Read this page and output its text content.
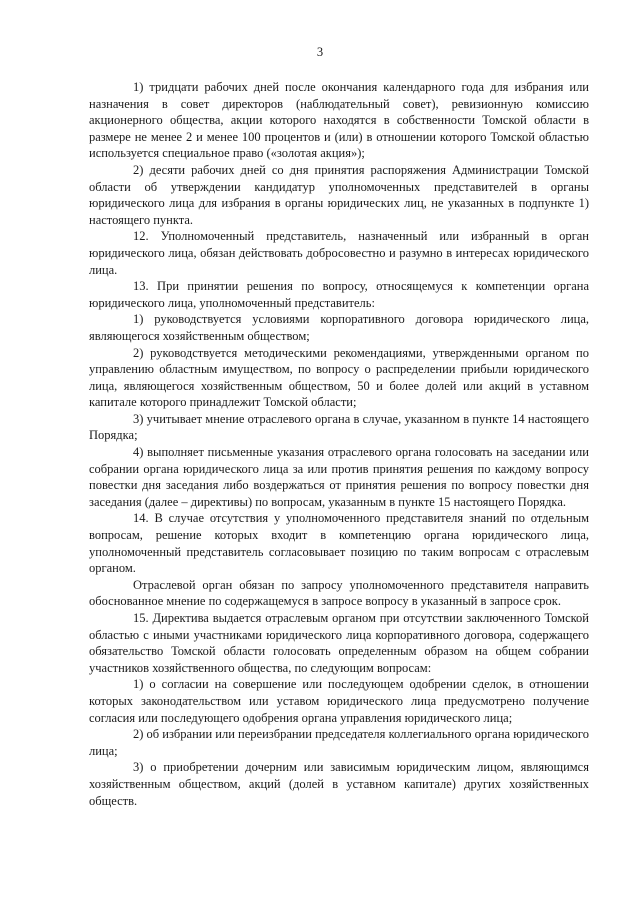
3

1) тридцати рабочих дней после окончания календарного года для избрания или назначения в совет директоров (наблюдательный совет), ревизионную комиссию акционерного общества, акции которого находятся в собственности Томской области в размере не менее 2 и менее 100 процентов и (или) в отношении которого Томской областью используется специальное право («золотая акция»);

2) десяти рабочих дней со дня принятия распоряжения Администрации Томской области об утверждении кандидатур уполномоченных представителей в органы юридического лица для избрания в органы юридических лиц, не указанных в подпункте 1) настоящего пункта.

12. Уполномоченный представитель, назначенный или избранный в орган юридического лица, обязан действовать добросовестно и разумно в интересах юридического лица.

13. При принятии решения по вопросу, относящемуся к компетенции органа юридического лица, уполномоченный представитель:

1) руководствуется условиями корпоративного договора юридического лица, являющегося хозяйственным обществом;

2) руководствуется методическими рекомендациями, утвержденными органом по управлению областным имуществом, по вопросу о распределении прибыли юридического лица, являющегося хозяйственным обществом, 50 и более долей или акций в уставном капитале которого принадлежит Томской области;

3) учитывает мнение отраслевого органа в случае, указанном в пункте 14 настоящего Порядка;

4) выполняет письменные указания отраслевого органа голосовать на заседании или собрании органа юридического лица за или против принятия решения по каждому вопросу повестки дня заседания либо воздержаться от принятия решения по вопросу повестки дня заседания (далее – директивы) по вопросам, указанным в пункте 15 настоящего Порядка.

14. В случае отсутствия у уполномоченного представителя знаний по отдельным вопросам, решение которых входит в компетенцию органа юридического лица, уполномоченный представитель согласовывает позицию по таким вопросам с отраслевым органом.

Отраслевой орган обязан по запросу уполномоченного представителя направить обоснованное мнение по содержащемуся в запросе вопросу в указанный в запросе срок.

15. Директива выдается отраслевым органом при отсутствии заключенного Томской областью с иными участниками юридического лица корпоративного договора, содержащего обязательство Томской области голосовать определенным образом на общем собрании участников хозяйственного общества, по следующим вопросам:

1) о согласии на совершение или последующем одобрении сделок, в отношении которых законодательством или уставом юридического лица предусмотрено получение согласия или последующего одобрения органа управления юридического лица;

2) об избрании или переизбрании председателя коллегиального органа юридического лица;

3) о приобретении дочерним или зависимым юридическим лицом, являющимся хозяйственным обществом, акций (долей в уставном капитале) других хозяйственных обществ.
